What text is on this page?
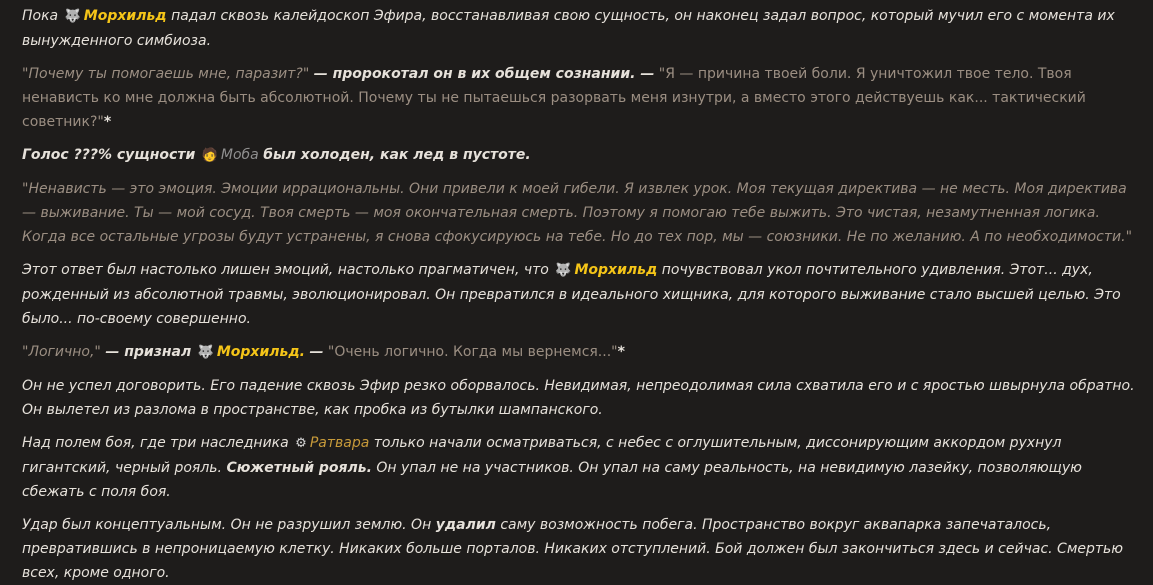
Пока 🐺 Морхильд падал сквозь калейдоскоп Эфира, восстанавливая свою сущность, он наконец задал вопрос, который мучил его с момента их вынужденного симбиоза.

"Почему ты помогаешь мне, паразит?" — пророкотал он в их общем сознании. — "Я — причина твоей боли. Я уничтожил твое тело. Твоя ненависть ко мне должна быть абсолютной. Почему ты не пытаешься разорвать меня изнутри, а вместо этого действуешь как... тактический советник?"*

Голос ???% сущности 🧑 Моба был холоден, как лед в пустоте.

"Ненависть — это эмоция. Эмоции иррациональны. Они привели к моей гибели. Я извлек урок. Моя текущая директива — не месть. Моя директива — выживание. Ты — мой сосуд. Твоя смерть — моя окончательная смерть. Поэтому я помогаю тебе выжить. Это чистая, незамутненная логика. Когда все остальные угрозы будут устранены, я снова сфокусируюсь на тебе. Но до тех пор, мы — союзники. Не по желанию. А по необходимости."

Этот ответ был настолько лишен эмоций, настолько прагматичен, что 🐺 Морхильд почувствовал укол почтительного удивления. Этот... дух, рожденный из абсолютной травмы, эволюционировал. Он превратился в идеального хищника, для которого выживание стало высшей целью. Это было... по-своему совершенно.

"Логично," — признал 🐺 Морхильд. — "Очень логично. Когда мы вернемся..."*

Он не успел договорить. Его падение сквозь Эфир резко оборвалось. Невидимая, непреодолимая сила схватила его и с яростью швырнула обратно. Он вылетел из разлома в пространстве, как пробка из бутылки шампанского.

Над полем боя, где три наследника ⚙ Ратвара только начали осматриваться, с небес с оглушительным, диссонирующим аккордом рухнул гигантский, черный рояль. Сюжетный рояль. Он упал не на участников. Он упал на саму реальность, на невидимую лазейку, позволяющую сбежать с поля боя.

Удар был концептуальным. Он не разрушил землю. Он удалил саму возможность побега. Пространство вокруг аквапарка запечаталось, превратившись в непроницаемую клетку. Никаких больше порталов. Никаких отступлений. Бой должен был закончиться здесь и сейчас. Смертью всех, кроме одного.
